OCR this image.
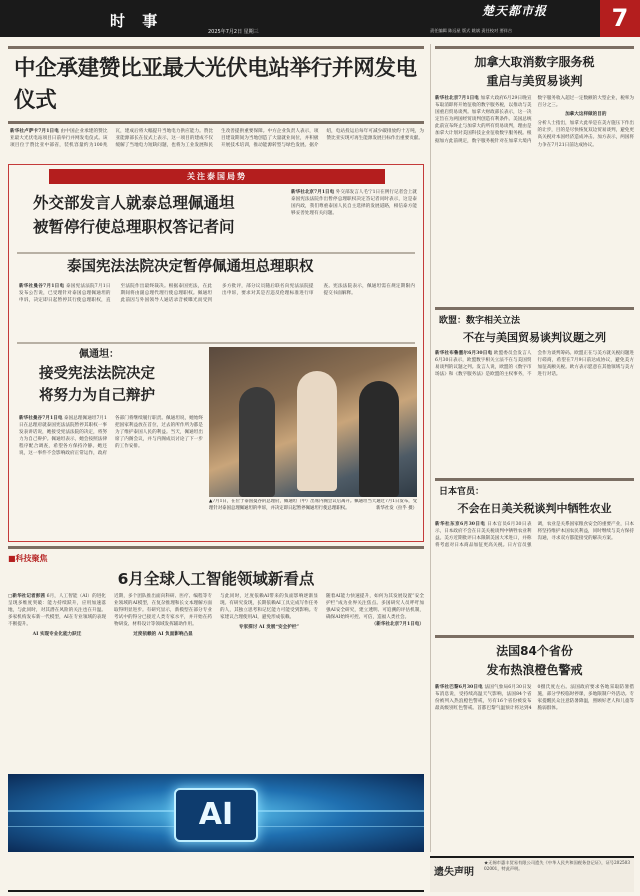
时 事
2025年7月2日 星期三
楚天都市报
责任编辑 陈远星 版式 姚斌 责任校对 要祥吉	7
中企承建赞比亚最大光伏电站举行并网发电仪式
新华社卢萨卡7月1日电 由中国企业承建的赞比亚最大光伏电站项目日前举行并网发电仪式。该项目位于赞比亚中部省，装机容量约为100兆瓦，建成后将大幅提升当地电力供应能力。赞比亚能源部长在仪式上表示，这一项目的建成不仅缓解了当地电力短缺问题，也将为工业发展和民生改善提供重要保障。中方企业负责人表示，项目建设期间为当地创造了大量就业岗位，并积极开展技术培训，推动能源转型与绿色发展。据介绍，电站投运后每年可减少碳排放约十万吨，为赞比亚实现可再生能源发展目标作出重要贡献。
关注泰国局势
外交部发言人就泰总理佩通坦
被暂停行使总理职权答记者问
新华社北京7月1日电 外交部发言人毛宁1日在例行记者会上就泰国宪法法院作出暂停总理职权决定答记者问时表示，这是泰国内政，我们尊重泰国人民自主选择的发展道路，相信泰方能够妥善处理有关问题。
泰国宪法法院决定暂停佩通坦总理职权
新华社曼谷7月1日电 泰国宪法法院7月1日发布公告说，已受理针对泰国总理佩通坦的申诉，决定即日起暂停其行使总理职权，直至法院作出最终裁决。根据泰国宪法，在此期间将由副总理代理行使总理职权。佩通坦此前因与外国领导人通话录音被曝光而受到多方批评，部分议员随后联名向宪法法院提出申诉，要求对其是否违反伦理标准进行审查。宪法法院表示，佩通坦需在规定期限内提交书面解释。
佩通坦：
接受宪法法院决定
将努力为自己辩护
新华社曼谷7月1日电 泰国总理佩通坦7月1日在总理府就泰国宪法法院暂停其职权一事发表讲话说，她接受宪法法院的决定，将努力为自己辩护。佩通坦表示，她会按照法律程序配合调查，希望各方保持冷静。她还说，这一事件不会影响政府正常运作，政府各部门将继续履行职责。佩通坦说，她始终把国家利益放在首位，过去的所作所为都是为了维护泰国人民的利益。当天，佩通坦出席了内阁会议，并与内阁成员讨论了下一步的工作安排。
▲7月1日，在位于泰国曼谷的总理府，佩通坦（中）出席内阁会议后离开。佩通坦当天通过7月1日发布，受理针对泰国总理佩通坦的申诉，并决定即日起暂停佩通坦行使总理职权。	新华社发（拉乎 摄）
加拿大取消数字服务税
重启与美贸易谈判
新华社北京7月1日电 加拿大政府6月29日晚宣布取消即将开始征收的数字服务税，以推动与美国重启贸易谈判。加拿大财政部长表示，这一决定旨在为两国经贸谈判创造有利条件。美国总统此前宣布终止与加拿大的所有贸易谈判，理由是加拿大计划对美国科技企业征收数字服务税。根据加方此前规定，数字服务税针对在加拿大境内数字服务收入超过一定数额的大型企业，税率为百分之三。
加拿大这样做的目的
分析人士指出，加拿大此举是在美方施压下作出的让步，目的是尽快恢复双边贸易谈判，避免更高关税对本国经济造成冲击。加方表示，两国将力争在7月21日前达成协议。
欧盟：数字相关立法
不在与美国贸易谈判议题之列
新华社布鲁塞尔6月30日电 欧盟委员会发言人6月30日表示，欧盟数字相关立法不在与美国贸易谈判的议题之列。发言人说，欧盟的《数字市场法》和《数字服务法》是欧盟的主权事务，不会作为谈判筹码。欧盟正在与美方就关税问题进行磋商，希望在7月9日前达成协议，避免美方加征高额关税。欧方表示愿意在其他领域与美方进行对话。
日本官员：
不会在日美关税谈判中牺牲农业
新华社东京6月30日电 日本官员6月30日表示，日本政府不会在日美关税谈判中牺牲农业利益。美方近期批评日本限制美国大米进口，并称将考虑对日本商品加征更高关税。日方官员强调，农业是关系国家粮食安全的重要产业，日本将坚持维护本国农民利益，同时继续与美方保持沟通，寻求双方都能接受的解决方案。
法国84个省份
发布热浪橙色警戒
新华社巴黎6月30日电 法国气象局6月30日发布消息说，受持续高温天气影响，法国84个省份被列入热浪橙色警戒，另有16个省份被发布最高级别红色警戒。首都巴黎气温预计将达到40摄氏度左右。法国政府要求各地采取防暑措施，部分学校临时停课，多地限制户外活动。专家提醒民众注意防暑降温，照顾好老人和儿童等脆弱群体。
■科技聚焦
6月全球人工智能领域新看点
□新华社记者彭茜 6月，人工智能（AI）的进化呈现多维度突破：能力持续跃升，应用加速落地，与此同时，对其潜在风险的关注也在升温。多家机构发布新一代模型，AI在专业领域的表现不断提升。
AI 实现专业化能力跃迁
近期，多个团队推出面向科研、医疗、编程等专业领域的AI模型，在复杂推理和长文本理解方面取得明显进步。有研究显示，新模型在部分专业考试中的得分已接近人类专家水平，并开始在药物研发、材料设计等领域发挥辅助作用。
过度依赖的 AI 负面影响凸显
与此同时，过度依赖AI带来的负面影响逐渐显现。有研究发现，长期依赖AI工具完成写作任务的人，其独立思考和记忆能力可能受到影响。专家建议合理使用AI，避免形成依赖。
专家探讨 AI 发展“安全护栏”
随着AI能力快速提升，如何为其发展设置“安全护栏”成为业界关注焦点。多国研究人员呼吁加强AI安全研究，建立透明、可追溯的评估机制，确保AI始终可控、可信，造福人类社会。
（新华社北京7月1日电）
AI
遗失声明
★无锡市惠丰贸易有限公司遗失《中华人民共和国税务登记证》，证号20250302001，特此声明。
